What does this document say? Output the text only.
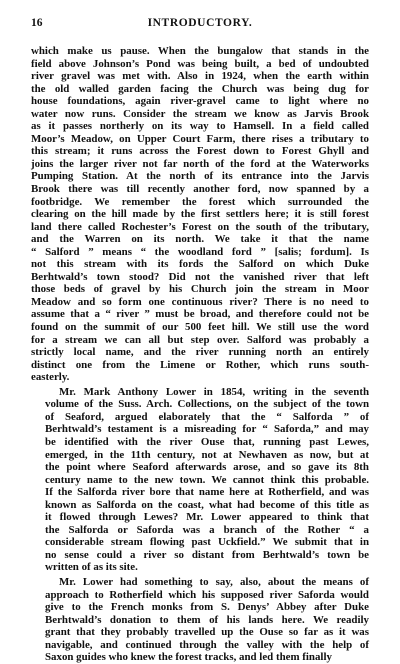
16	INTRODUCTORY.
which make us pause. When the bungalow that stands in the
field above Johnson’s Pond was being built, a bed of undoubted
river gravel was met with. Also in 1924, when the earth within
the old walled garden facing the Church was being dug for
house foundations, again river-gravel came to light where no
water now runs. Consider the stream we know as Jarvis Brook
as it passes northerly on its way to Hamsell. In a field called
Moor’s Meadow, on Upper Court Farm, there rises a tributary to
this stream; it runs across the Forest down to Forest Ghyll and
joins the larger river not far north of the ford at the Waterworks
Pumping Station. At the north of its entrance into the Jarvis
Brook there was till recently another ford, now spanned by a
footbridge. We remember the forest which surrounded the
clearing on the hill made by the first settlers here; it is still forest
land there called Rochester’s Forest on the south of the tributary,
and the Warren on its north. We take it that the name
“ Salford ” means “ the woodland ford ” [salis; fordum]. Is
not this stream with its fords the Salford on which Duke
Berhtwald’s town stood? Did not the vanished river that left
those beds of gravel by his Church join the stream in Moor
Meadow and so form one continuous river? There is no need to
assume that a “ river ” must be broad, and therefore could not be
found on the summit of our 500 feet hill. We still use the word
for a stream we can all but step over. Salford was probably a
strictly local name, and the river running north an entirely
distinct one from the Limene or Rother, which runs south-
easterly.
Mr. Mark Anthony Lower in 1854, writing in the seventh
volume of the Suss. Arch. Collections, on the subject of the town
of Seaford, argued elaborately that the “ Salforda ” of
Berhtwald’s testament is a misreading for “ Saforda,” and may
be identified with the river Ouse that, running past Lewes,
emerged, in the 11th century, not at Newhaven as now, but at
the point where Seaford afterwards arose, and so gave its 8th
century name to the new town. We cannot think this probable.
If the Salforda river bore that name here at Rotherfield, and was
known as Salforda on the coast, what had become of this title as
it flowed through Lewes? Mr. Lower appeared to think that
the Salforda or Saforda was a branch of the Rother “ a
considerable stream flowing past Uckfield.” We submit that in
no sense could a river so distant from Berhtwald’s town be
written of as its site.
Mr. Lower had something to say, also, about the means of
approach to Rotherfield which his supposed river Saforda would
give to the French monks from S. Denys’ Abbey after Duke
Berhtwald’s donation to them of his lands here. We readily
grant that they probably travelled up the Ouse so far as it was
navigable, and continued through the valley with the help of
Saxon guides who knew the forest tracks, and led them finally
